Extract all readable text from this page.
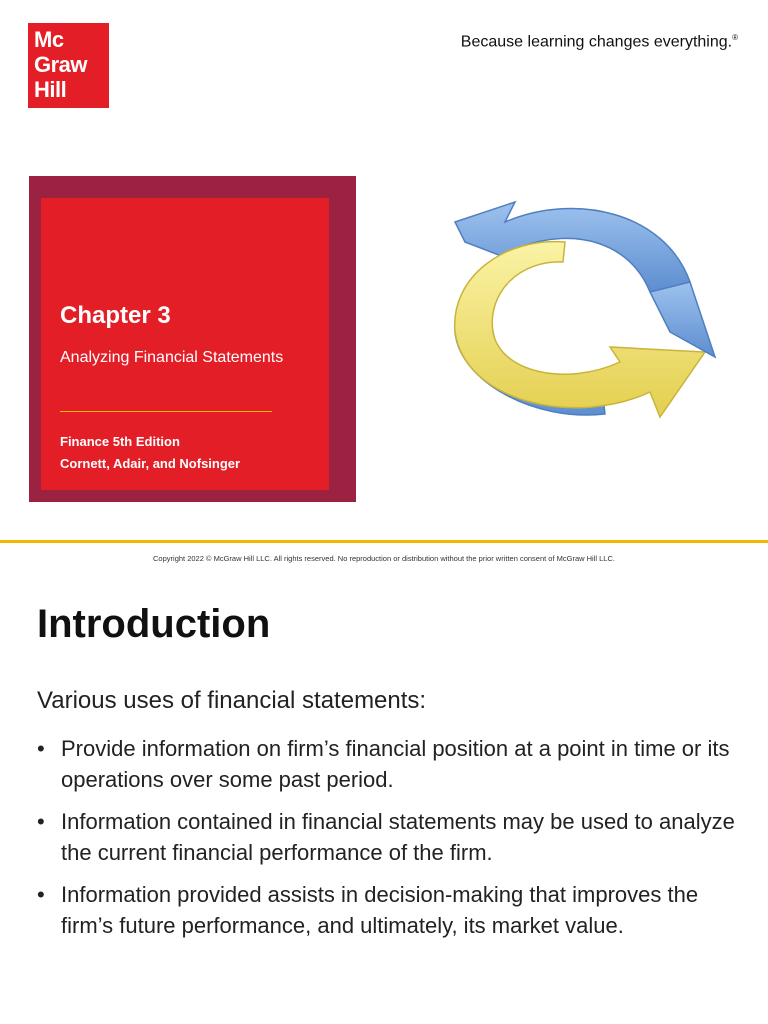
Mc
Graw
Hill
Because learning changes everything.®
Chapter 3
Analyzing Financial Statements
Finance 5th Edition
Cornett, Adair, and Nofsinger
Copyright 2022 © McGraw Hill LLC. All rights reserved. No reproduction or distribution without the prior written consent of McGraw Hill LLC.
Introduction
Various uses of financial statements:
• Provide information on firm’s financial position at a point in time or its operations over some past period.
• Information contained in financial statements may be used to analyze the current financial performance of the firm.
• Information provided assists in decision-making that improves the firm’s future performance, and ultimately, its market value.
